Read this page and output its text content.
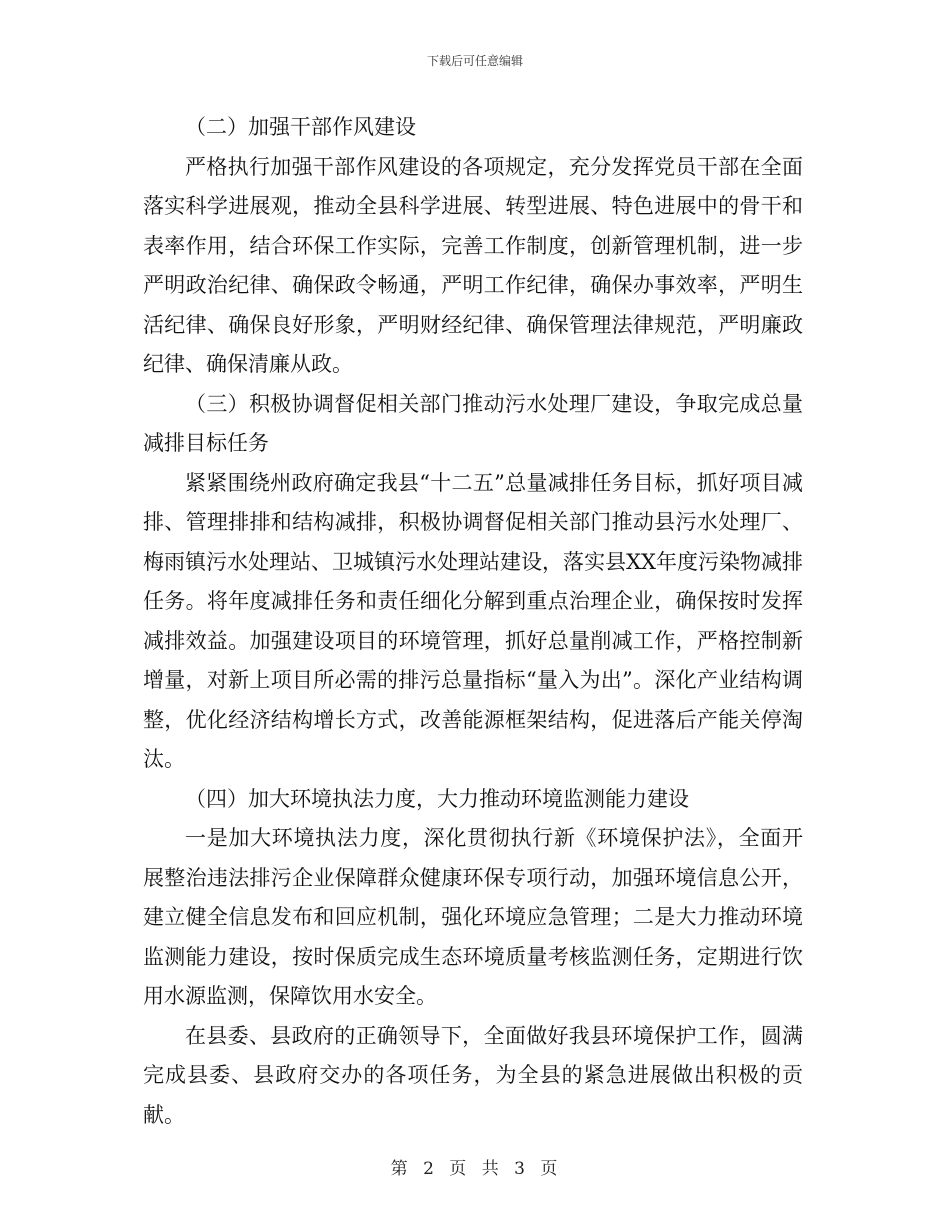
下载后可任意编辑

（二）加强干部作风建设

严格执行加强干部作风建设的各项规定，充分发挥党员干部在全面落实科学进展观，推动全县科学进展、转型进展、特色进展中的骨干和表率作用，结合环保工作实际，完善工作制度，创新管理机制，进一步严明政治纪律、确保政令畅通，严明工作纪律，确保办事效率，严明生活纪律、确保良好形象，严明财经纪律、确保管理法律规范，严明廉政纪律、确保清廉从政。

（三）积极协调督促相关部门推动污水处理厂建设，争取完成总量减排目标任务

紧紧围绕州政府确定我县“十二五”总量减排任务目标，抓好项目减排、管理排排和结构减排，积极协调督促相关部门推动县污水处理厂、梅雨镇污水处理站、卫城镇污水处理站建设，落实县XX年度污染物减排任务。将年度减排任务和责任细化分解到重点治理企业，确保按时发挥减排效益。加强建设项目的环境管理，抓好总量削减工作，严格控制新增量，对新上项目所必需的排污总量指标“量入为出”。深化产业结构调整，优化经济结构增长方式，改善能源框架结构，促进落后产能关停淘汰。

（四）加大环境执法力度，大力推动环境监测能力建设

一是加大环境执法力度，深化贯彻执行新《环境保护法》，全面开展整治违法排污企业保障群众健康环保专项行动，加强环境信息公开，建立健全信息发布和回应机制，强化环境应急管理；二是大力推动环境监测能力建设，按时保质完成生态环境质量考核监测任务，定期进行饮用水源监测，保障饮用水安全。

在县委、县政府的正确领导下，全面做好我县环境保护工作，圆满完成县委、县政府交办的各项任务，为全县的紧急进展做出积极的贡献。

第 2 页 共 3 页
